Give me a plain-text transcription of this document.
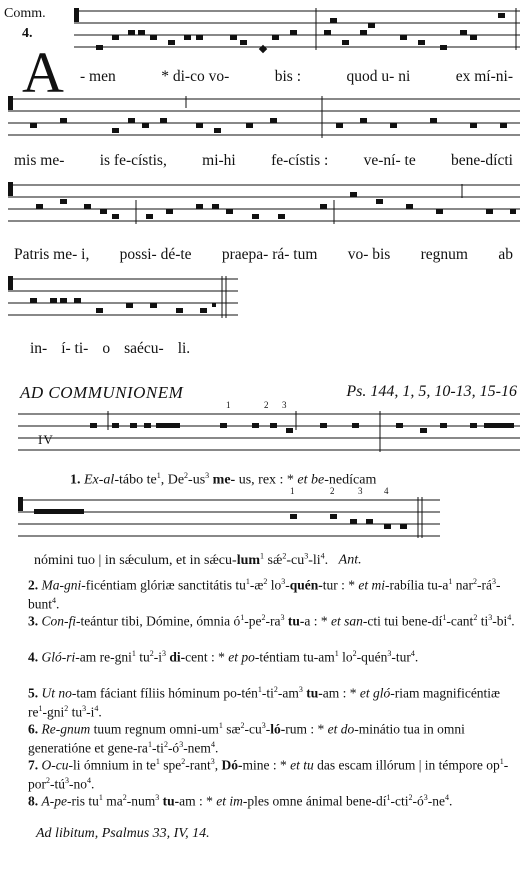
Comm.
4.
A - men	* di-co vo-	bis :	quod u- ni	ex mí-ni-
mis me- is fe-cístis, mi-hi fe-cístis : ve-ní- te bene-dícti
Patris me- i, possi- dé-te praepa- rá- tum vo- bis regnum ab
in- í- ti- o saécu- li.
AD COMMUNIONEM	Ps. 144, 1, 5, 10-13, 15-16
1	2 3
IV
1. Ex-al-tábo $te^1$, $De^2-us^3$ me- us, rex : * et be-nedícam
1	2	3 4
nómini tuo | in sǽculum, et in sǽcu-lum$^1$ $sǽ^2-cu^3-li^4$. Ant.
2. Ma-gni-ficéntiam glóriæ sanctitátis $tu^1-æ^2$ $lo^3-quén$-tur : * et mi-rabília $tu-a^1$ $nar^2-rá^3-bunt^4$.
3. Con-fi-teántur tibi, Dómine, ómnia $ó^1-pe^2-ra^3$ tu-a : * et san-cti tui bene-$dí^1-cant^2$ $ti^3-bi^4$.
4. Gló-ri-am re-gni$^1$ $tu^2-i^3$ di-cent : * et po-téntiam $tu-am^1$ $lo^2-quén^3-tur^4$.
5. Ut no-tam fáciant fíliis hóminum $po-tén^1-ti^2-am^3$ tu-am : * et gló-riam magnificéntiæ $re^1-gni^2$ $tu^3-i^4$.
6. Re-gnum tuum regnum omni-$um^1$ $sæ^2-cu^3-ló$-rum : * et do-minátio tua in omni generatióne et gene-$ra^1-ti^2-ó^3-nem^4$.
7. O-cu-li ómnium in $te^1$ spe$^2$-rant$^3$, Dó-mine : * et tu das escam illórum | in témpore $op^1-por^2-tú^3-no^4$.
8. A-pe-ris $tu^1$ $ma^2-num^3$ tu-am : * et im-ples omne ánimal bene-$dí^1-cti^2-ó^3-ne^4$.
Ad libitum, Psalmus 33, IV, 14.
